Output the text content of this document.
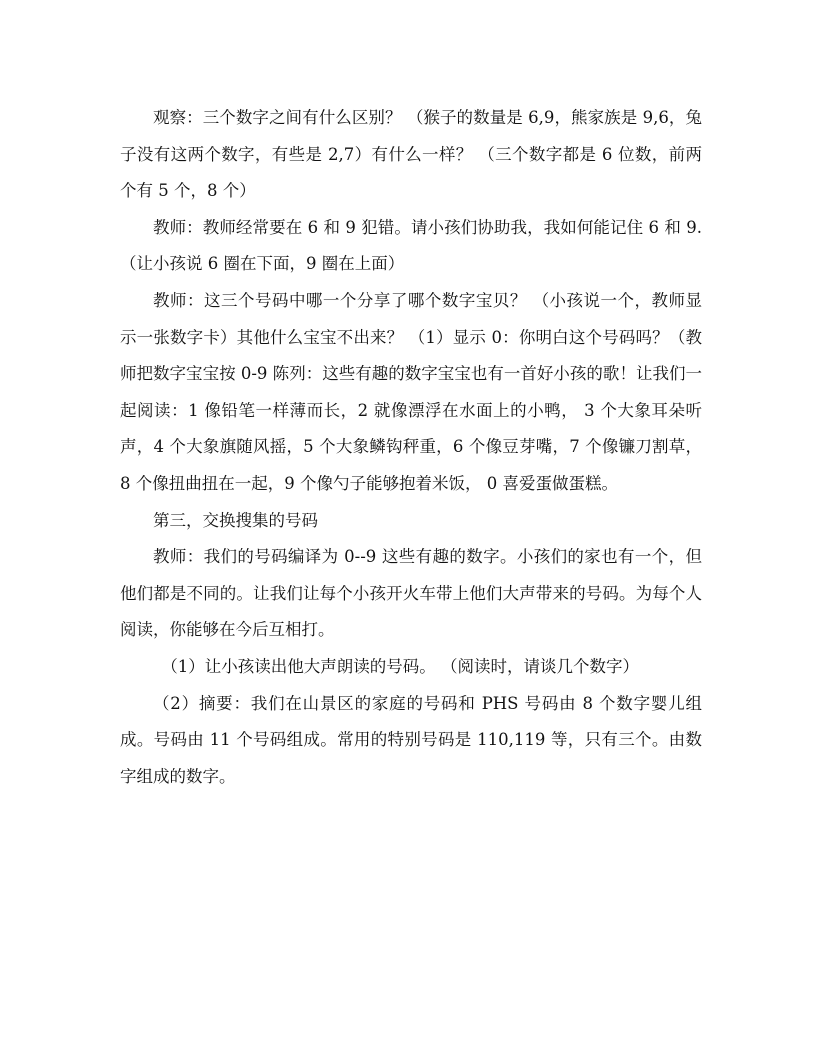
观察：三个数字之间有什么区别？ （猴子的数量是 6,9，熊家族是 9,6，兔子没有这两个数字，有些是 2,7）有什么一样？ （三个数字都是 6 位数，前两个有 5 个，8 个）

教师：教师经常要在 6 和 9 犯错。请小孩们协助我，我如何能记住 6 和 9.（让小孩说 6 圈在下面，9 圈在上面）

教师：这三个号码中哪一个分享了哪个数字宝贝？ （小孩说一个，教师显示一张数字卡）其他什么宝宝不出来？ （1）显示 0：你明白这个号码吗？（教师把数字宝宝按 0-9 陈列：这些有趣的数字宝宝也有一首好小孩的歌！让我们一起阅读：1 像铅笔一样薄而长，2 就像漂浮在水面上的小鸭， 3 个大象耳朵听声，4 个大象旗随风摇，5 个大象鳞钩秤重，6 个像豆芽嘴，7 个像镰刀割草，8 个像扭曲扭在一起，9 个像勺子能够抱着米饭， 0 喜爱蛋做蛋糕。

第三，交换搜集的号码

教师：我们的号码编译为 0--9 这些有趣的数字。小孩们的家也有一个，但他们都是不同的。让我们让每个小孩开火车带上他们大声带来的号码。为每个人阅读，你能够在今后互相打。

（1）让小孩读出他大声朗读的号码。 （阅读时，请谈几个数字）

（2）摘要：我们在山景区的家庭的号码和 PHS 号码由 8 个数字婴儿组成。号码由 11 个号码组成。常用的特别号码是 110,119 等，只有三个。由数字组成的数字。
